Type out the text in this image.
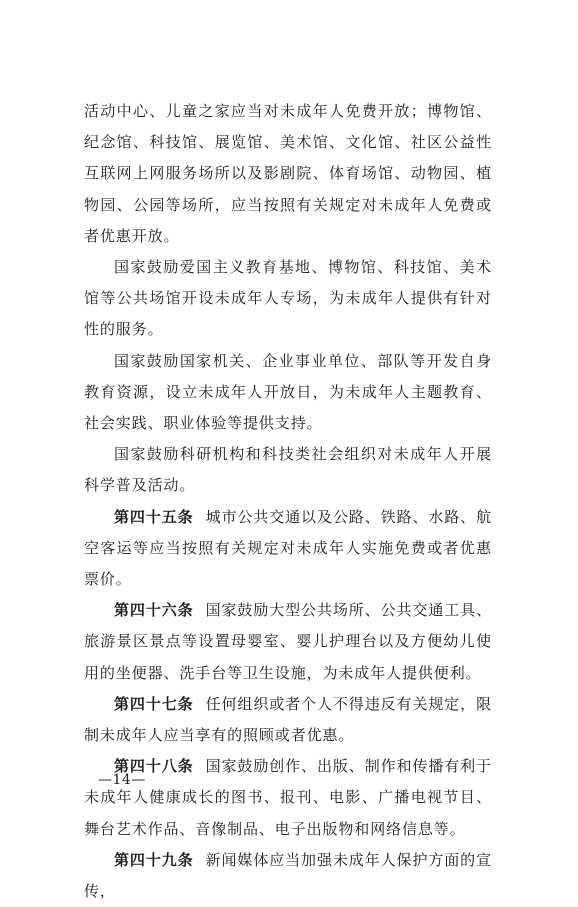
活动中心、儿童之家应当对未成年人免费开放；博物馆、纪念馆、科技馆、展览馆、美术馆、文化馆、社区公益性互联网上网服务场所以及影剧院、体育场馆、动物园、植物园、公园等场所，应当按照有关规定对未成年人免费或者优惠开放。

国家鼓励爱国主义教育基地、博物馆、科技馆、美术馆等公共场馆开设未成年人专场，为未成年人提供有针对性的服务。

国家鼓励国家机关、企业事业单位、部队等开发自身教育资源，设立未成年人开放日，为未成年人主题教育、社会实践、职业体验等提供支持。

国家鼓励科研机构和科技类社会组织对未成年人开展科学普及活动。

第四十五条 城市公共交通以及公路、铁路、水路、航空客运等应当按照有关规定对未成年人实施免费或者优惠票价。

第四十六条 国家鼓励大型公共场所、公共交通工具、旅游景区景点等设置母婴室、婴儿护理台以及方便幼儿使用的坐便器、洗手台等卫生设施，为未成年人提供便利。

第四十七条 任何组织或者个人不得违反有关规定，限制未成年人应当享有的照顾或者优惠。

第四十八条 国家鼓励创作、出版、制作和传播有利于未成年人健康成长的图书、报刊、电影、广播电视节目、舞台艺术作品、音像制品、电子出版物和网络信息等。

第四十九条 新闻媒体应当加强未成年人保护方面的宣传，

—14—
